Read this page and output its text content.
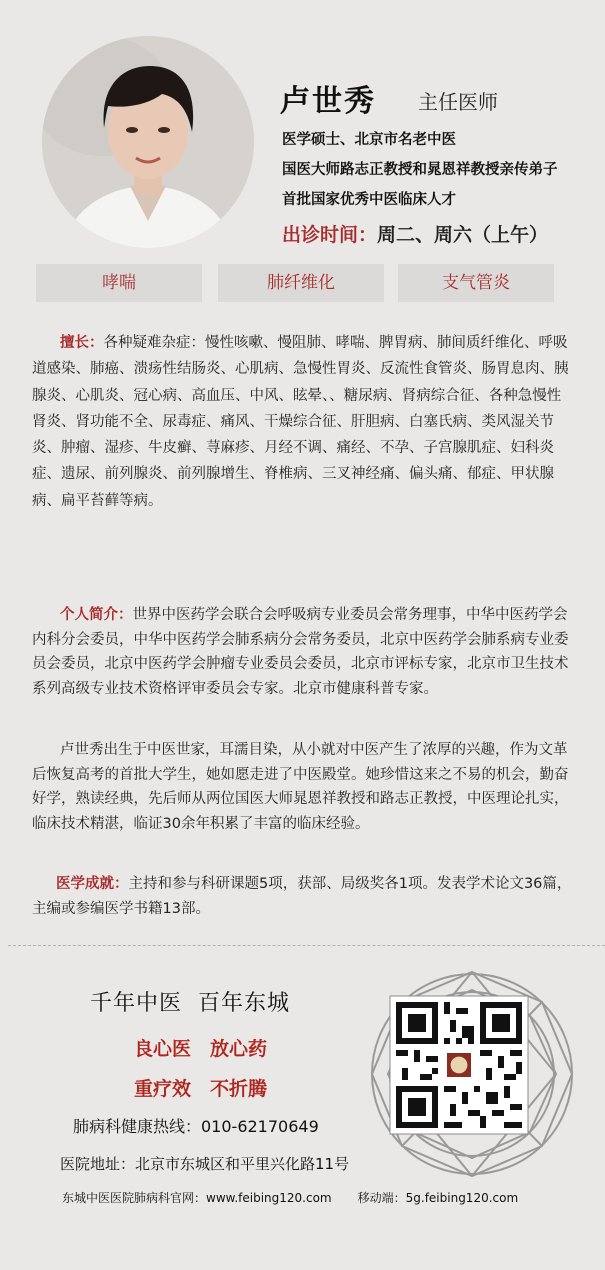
卢世秀 主任医师
医学硕士、北京市名老中医
国医大师路志正教授和晁恩祥教授亲传弟子
首批国家优秀中医临床人才
出诊时间：周二、周六（上午）
哮喘	肺纤维化	支气管炎

擅长：各种疑难杂症：慢性咳嗽、慢阻肺、哮喘、脾胃病、肺间质纤维化、呼吸道感染、肺癌、溃疡性结肠炎、心肌病、急慢性胃炎、反流性食管炎、肠胃息肉、胰腺炎、心肌炎、冠心病、高血压、中风、眩晕、、糖尿病、肾病综合征、各种急慢性肾炎、肾功能不全、尿毒症、痛风、干燥综合征、肝胆病、白塞氏病、类风湿关节炎、肿瘤、湿疹、牛皮癣、荨麻疹、月经不调、痛经、不孕、子宫腺肌症、妇科炎症、遗尿、前列腺炎、前列腺增生、脊椎病、三叉神经痛、偏头痛、郁症、甲状腺病、扁平苔藓等病。

个人简介：世界中医药学会联合会呼吸病专业委员会常务理事，中华中医药学会内科分会委员，中华中医药学会肺系病分会常务委员，北京中医药学会肺系病专业委员会委员，北京中医药学会肿瘤专业委员会委员，北京市评标专家，北京市卫生技术系列高级专业技术资格评审委员会专家。北京市健康科普专家。

卢世秀出生于中医世家，耳濡目染，从小就对中医产生了浓厚的兴趣，作为文革后恢复高考的首批大学生，她如愿走进了中医殿堂。她珍惜这来之不易的机会，勤奋好学，熟读经典，先后师从两位国医大师晁恩祥教授和路志正教授，中医理论扎实，临床技术精湛，临证30余年积累了丰富的临床经验。

医学成就：主持和参与科研课题5项，获部、局级奖各1项。发表学术论文36篇，主编或参编医学书籍13部。

千年中医 百年东城
良心医　放心药
重疗效　不折腾
肺病科健康热线：010-62170649
医院地址：北京市东城区和平里兴化路11号
东城中医医院肺病科官网：www.feibing120.com 移动端：5g.feibing120.com
